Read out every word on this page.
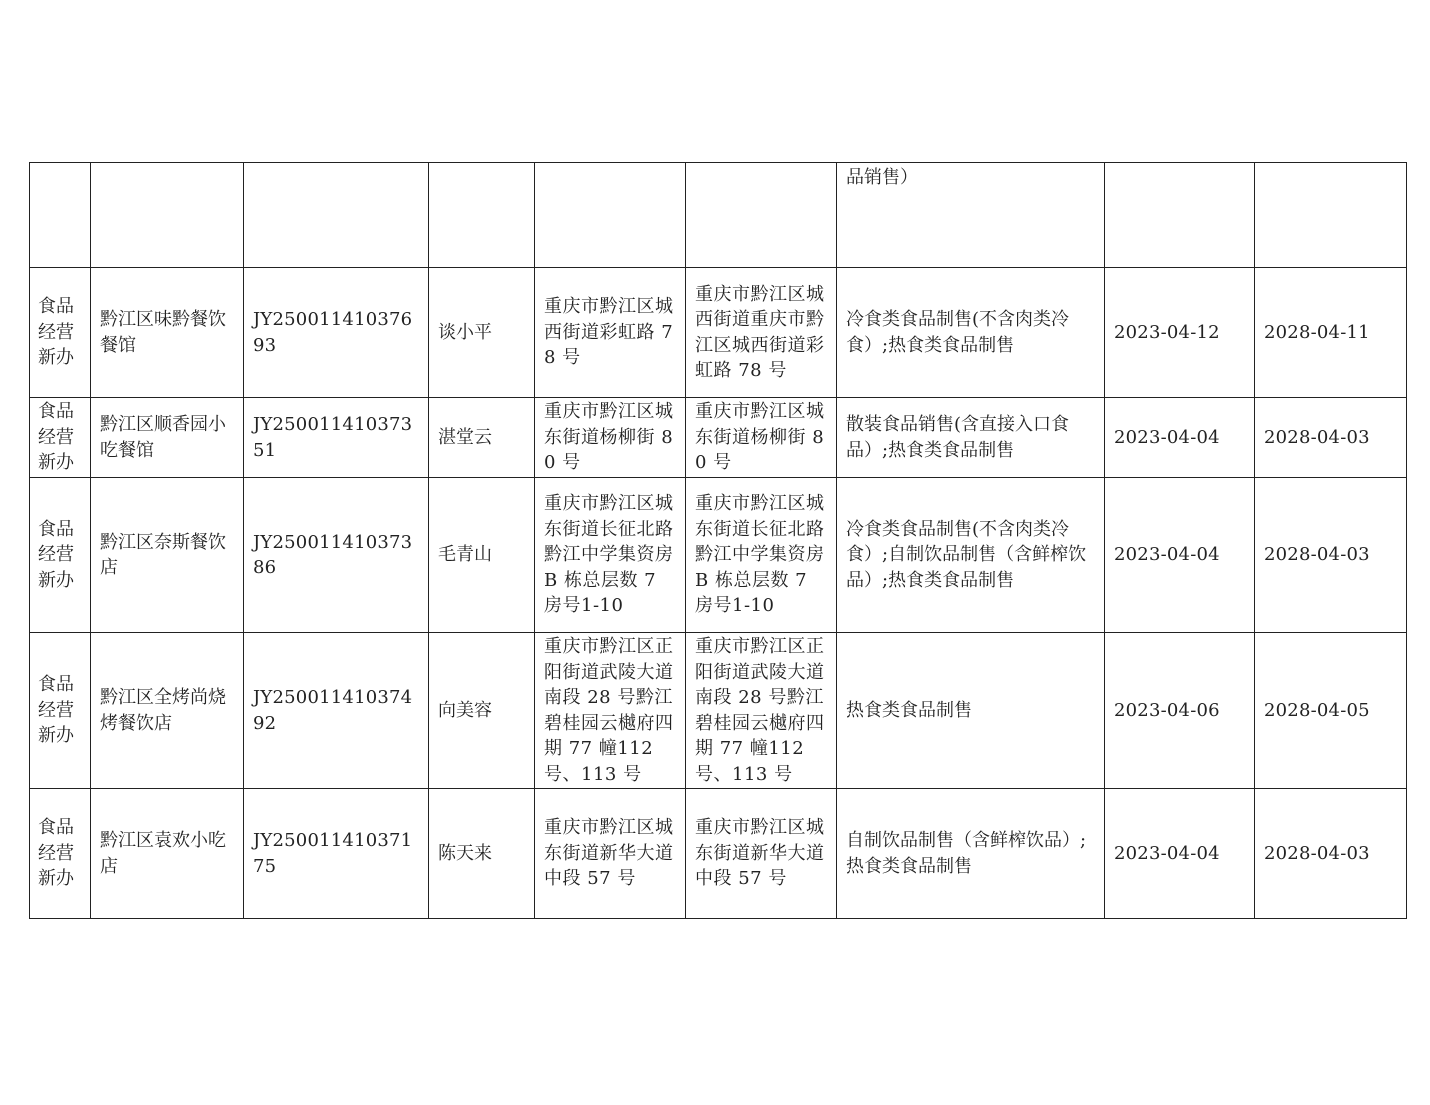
						品销售）		
食品经营新办	黔江区味黔餐饮餐馆	JY25001141037693	谈小平	重庆市黔江区城西街道彩虹路 78 号	重庆市黔江区城西街道重庆市黔江区城西街道彩虹路 78 号	冷食类食品制售(不含肉类冷食）;热食类食品制售	2023-04-12	2028-04-11
食品经营新办	黔江区顺香园小吃餐馆	JY25001141037351	湛堂云	重庆市黔江区城东街道杨柳街 80 号	重庆市黔江区城东街道杨柳街 80 号	散装食品销售(含直接入口食品）;热食类食品制售	2023-04-04	2028-04-03
食品经营新办	黔江区奈斯餐饮店	JY25001141037386	毛青山	重庆市黔江区城东街道长征北路黔江中学集资房 B 栋总层数 7 房号1-10	重庆市黔江区城东街道长征北路黔江中学集资房 B 栋总层数 7 房号1-10	冷食类食品制售(不含肉类冷食）;自制饮品制售（含鲜榨饮品）;热食类食品制售	2023-04-04	2028-04-03
食品经营新办	黔江区全烤尚烧烤餐饮店	JY25001141037492	向美容	重庆市黔江区正阳街道武陵大道南段 28 号黔江碧桂园云樾府四期 77 幢112 号、113 号	重庆市黔江区正阳街道武陵大道南段 28 号黔江碧桂园云樾府四期 77 幢112 号、113 号	热食类食品制售	2023-04-06	2028-04-05
食品经营新办	黔江区袁欢小吃店	JY25001141037175	陈天来	重庆市黔江区城东街道新华大道中段 57 号	重庆市黔江区城东街道新华大道中段 57 号	自制饮品制售（含鲜榨饮品）;热食类食品制售	2023-04-04	2028-04-03
